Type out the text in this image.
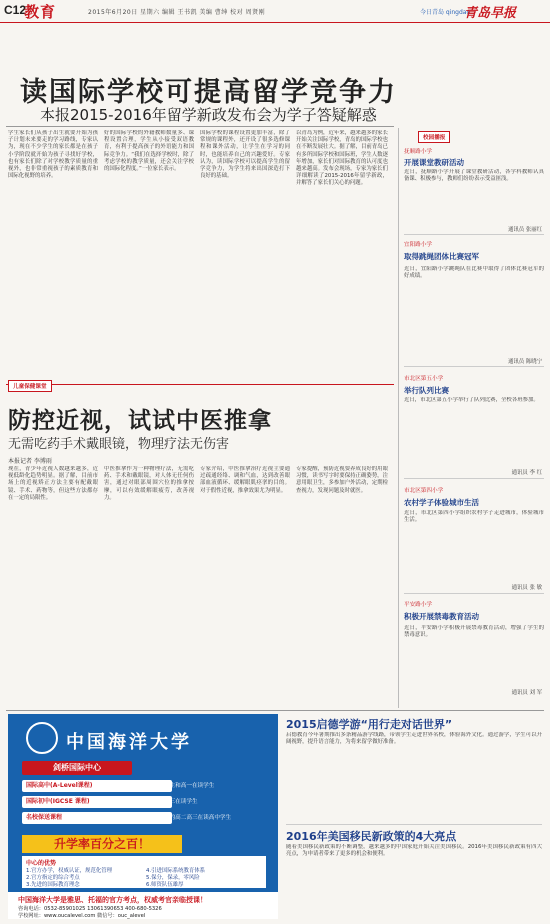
C12
教育	2015年6月20日 星期六 编辑 王书凯 美编 曹绅 校对 周贤刚	今日青岛 qingdao
青岛早报
读国际学校可提高留学竞争力
本报2015-2016年留学新政发布会为学子答疑解惑
学生家长们从孩子出生就要开始为孩子计划未来要走的学习路线，专家认为，现在不少学生的家长都是在孩子小学阶段就开始为孩子寻找好学校，也有家长们除了对学校教学质量的重视外，也非常重视孩子的素质教育和国际化视野的培养。
好的国际学校的外籍教师数量多、课程设置合理，学生从小接受双语教育，有利于提高孩子的外语能力和国际竞争力。“我们在选择学校时，除了考虑学校的教学质量，还会关注学校的国际化程度。”一位家长表示。
国际学校的课程设置更加丰富，除了常规的课程外，还开设了很多选修课程和课外活动，让学生在学习的同时，也能培养自己的兴趣爱好。专家认为，读国际学校可以提高学生的留学竞争力，为学生将来出国深造打下良好的基础。
以青岛为例，近年来，越来越多的家长开始关注国际学校，青岛的国际学校也在不断发展壮大。据了解，目前青岛已有多所国际学校和国际班，学生人数逐年增加，家长们对国际教育的认可度也越来越高。发布会现场，专家为家长们详细解读了2015-2016年留学新政，并解答了家长们关心的问题。
校园播报
抚顺路小学
开展课堂教研活动
近日，抚顺路小学开展了课堂教研活动，各学科教师认真备课、积极参与，教师们纷纷表示受益匪浅。
通讯员 张丽红
宜阳路小学
取得跳绳团体比赛冠军
近日，宜阳路小学跳绳队在比赛中取得了团体比赛冠军的好成绩。
通讯员 陈晓宁
市北区第五小学
举行队列比赛
近日，市北区第五小学举行了队列比赛，全校各班参加。
通讯员 李 红
市北区第四小学
农村学子体验城市生活
近日，市北区第四小学组织农村学子走进城市，体验城市生活。
通讯员 张 敏
平安路小学
积极开展禁毒教育活动
近日，平安路小学积极开展禁毒教育活动，增强了学生的禁毒意识。
通讯员 刘 军
儿童保健课堂
防控近视，试试中医推拿
无需吃药手术戴眼镜，物理疗法无伤害
本报记者 李博雨
现在，青少年近视人数越来越多，近视低龄化趋势明显。据了解，目前市场上的近视矫正方法主要有配戴眼镜、手术、药物等，但这些方法都存在一定的局限性。
中医推拿作为一种物理疗法，无需吃药、手术和戴眼镜，对人体无任何伤害，通过对眼部周围穴位的推拿按摩，可以有效缓解眼疲劳，改善视力。
专家介绍，中医推拿治疗近视主要通过疏通经络、调和气血，达到改善眼部血液循环、缓解眼肌痉挛的目的。对于假性近视，推拿效果尤为明显。
专家提醒，预防近视要养成良好的用眼习惯，读书写字时要保持正确姿势，注意用眼卫生，多参加户外活动，定期检查视力，发现问题及时就医。
中国海洋大学
剑桥国际中心
国际高中(A-Level课程)	面向初中毕业生和高一在读学生
国际初中(IGCSE 课程)	面向初二、初三在读学生
名校保送课程	面向成绩优异的高二高三在读高中学生
升学率百分之百！
中心的优势
1.官方办学，权威认证，规范化管理
2.官方指定的综合考点
3.先进的国际教育理念
4.引进国际系统教育体系
5.保分，保录，零风险
6.师资队伍雄厚
中国海洋大学是雅思、托福的官方考点，权威考官亲临授课！
咨询电话：0532-85901025 13061390653 400-680-5326
学校网址：www.oucalevel.com 微信号：ouc_alevel
2015启德学游“用行走对话世界”
启德教育今年暑期推出多条精品游学线路，带领学生走进世界名校，体验海外文化。通过游学，学生可以开阔视野，提升语言能力，为将来留学做好准备。
2016年美国移民新政策的4大亮点
随着美国移民新政策的不断调整，越来越多的中国家庭开始关注美国移民。2016年美国移民新政策有四大亮点，为申请者带来了更多的机会和便利。
